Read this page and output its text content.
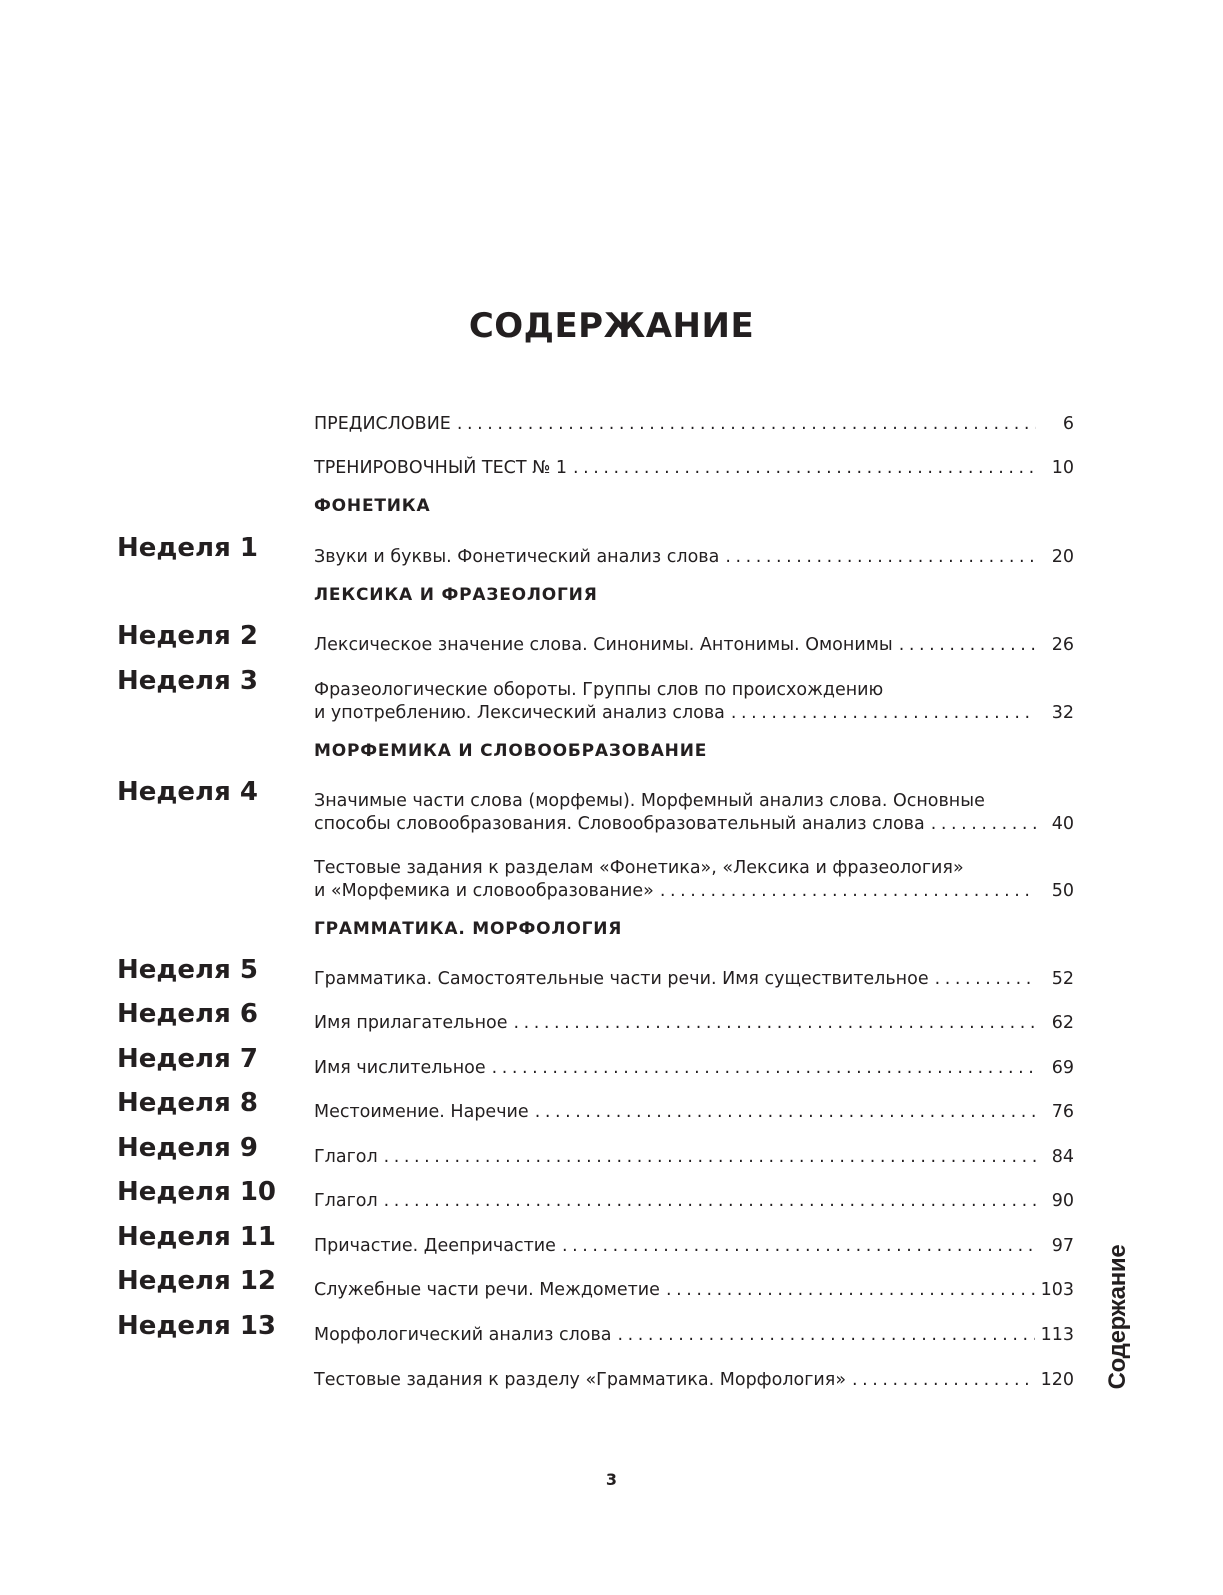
СОДЕРЖАНИЕ
ФОНЕТИКА
ЛЕКСИКА И ФРАЗЕОЛОГИЯ
МОРФЕМИКА И СЛОВООБРАЗОВАНИЕ
ГРАММАТИКА. МОРФОЛОГИЯ
Неделя 1
Неделя 2
Неделя 3
Неделя 4
Неделя 5
Неделя 6
Неделя 7
Неделя 8
Неделя 9
Неделя 10
Неделя 11
Неделя 12
Неделя 13
ПРЕДИСЛОВИЕ . . .	6
ТРЕНИРОВОЧНЫЙ ТЕСТ № 1 . . .	10
Звуки и буквы. Фонетический анализ слова . . .	20
Лексическое значение слова. Синонимы. Антонимы. Омонимы . . .	26
Фразеологические обороты. Группы слов по происхождению
и употреблению. Лексический анализ слова . . .	32
Значимые части слова (морфемы). Морфемный анализ слова. Основные
способы словообразования. Словообразовательный анализ слова . . .	40
Тестовые задания к разделам «Фонетика», «Лексика и фразеология»
и «Морфемика и словообразование» . . .	50
Грамматика. Самостоятельные части речи. Имя существительное . . .	52
Имя прилагательное . . .	62
Имя числительное . . .	69
Местоимение. Наречие . . .	76
Глагол . . .	84
Глагол . . .	90
Причастие. Деепричастие . . .	97
Служебные части речи. Междометие . . .	103
Морфологический анализ слова . . .	113
Тестовые задания к разделу «Грамматика. Морфология» . . .	120 Содержание
3
